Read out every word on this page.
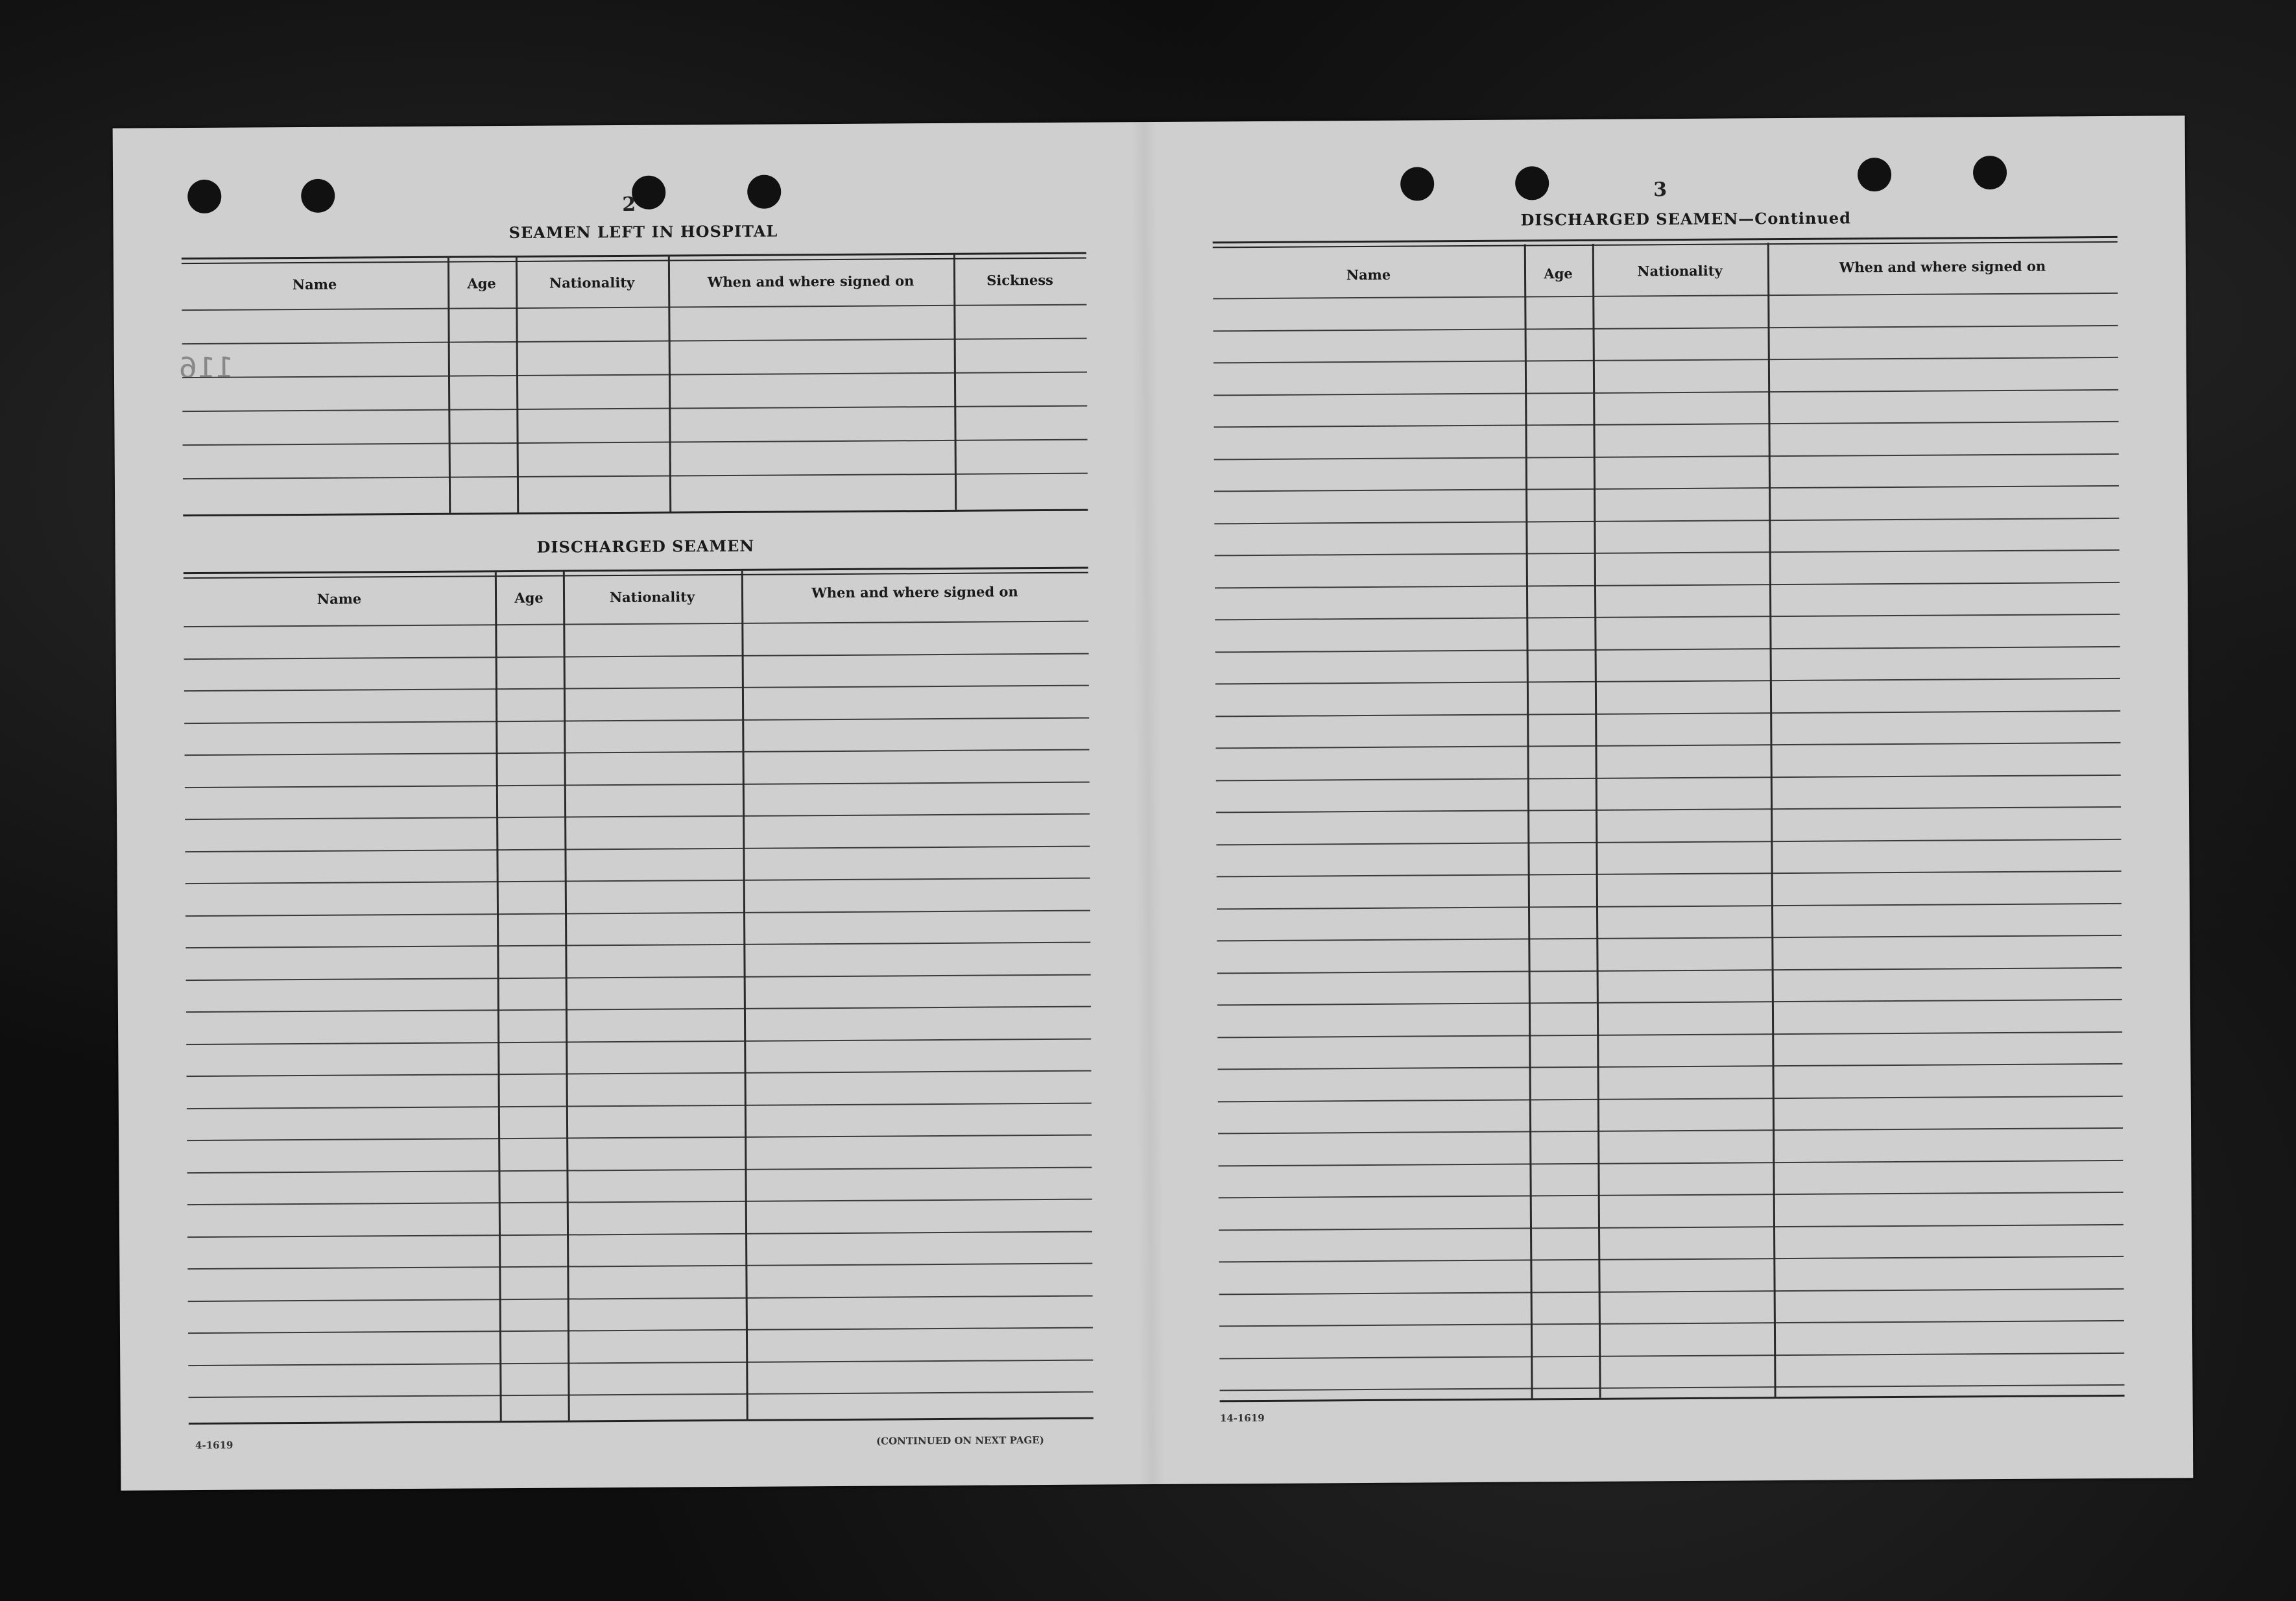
2
SEAMEN LEFT IN HOSPITAL
Name	Age	Nationality	When and where signed on	Sickness
116
DISCHARGED SEAMEN
Name	Age	Nationality	When and where signed on
4-1619	(CONTINUED ON NEXT PAGE)
3
DISCHARGED SEAMEN—Continued
Name	Age	Nationality	When and where signed on
14-1619
